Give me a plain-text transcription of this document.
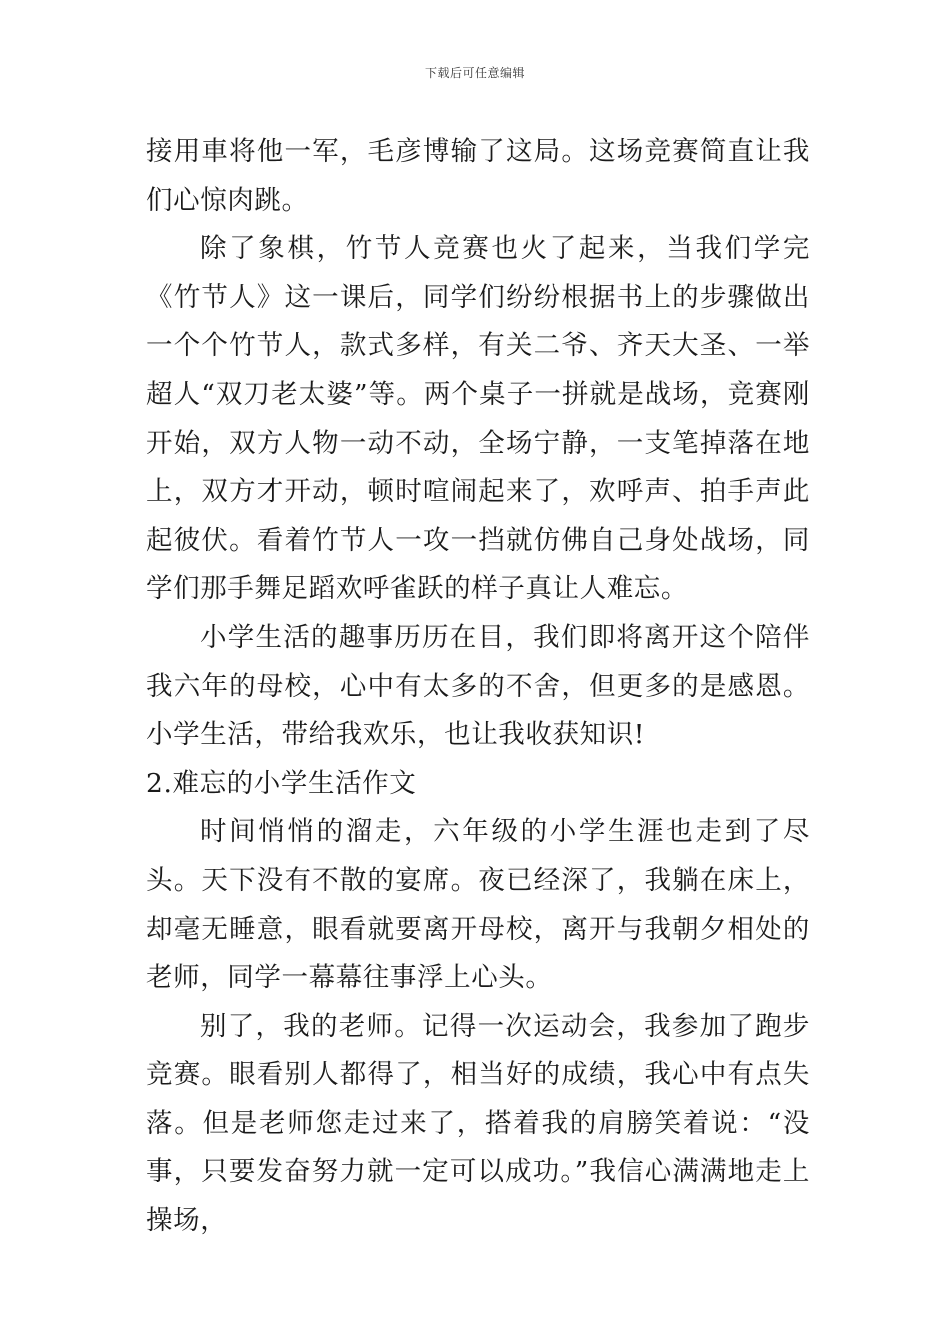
下载后可任意编辑

接用車将他一军，毛彦博输了这局。这场竞赛简直让我们心惊肉跳。

除了象棋，竹节人竞赛也火了起来，当我们学完《竹节人》这一课后，同学们纷纷根据书上的步骤做出一个个竹节人，款式多样，有关二爷、齐天大圣、一举超人“双刀老太婆”等。两个桌子一拼就是战场，竞赛刚开始，双方人物一动不动，全场宁静，一支笔掉落在地上，双方才开动，顿时喧闹起来了，欢呼声、拍手声此起彼伏。看着竹节人一攻一挡就仿佛自己身处战场，同学们那手舞足蹈欢呼雀跃的样子真让人难忘。

小学生活的趣事历历在目，我们即将离开这个陪伴我六年的母校，心中有太多的不舍，但更多的是感恩。小学生活，带给我欢乐，也让我收获知识!

2.难忘的小学生活作文

时间悄悄的溜走，六年级的小学生涯也走到了尽头。天下没有不散的宴席。夜已经深了，我躺在床上，却毫无睡意，眼看就要离开母校，离开与我朝夕相处的老师，同学一幕幕往事浮上心头。

别了，我的老师。记得一次运动会，我参加了跑步竞赛。眼看别人都得了，相当好的成绩，我心中有点失落。但是老师您走过来了，搭着我的肩膀笑着说：“没事，只要发奋努力就一定可以成功。”我信心满满地走上操场，
